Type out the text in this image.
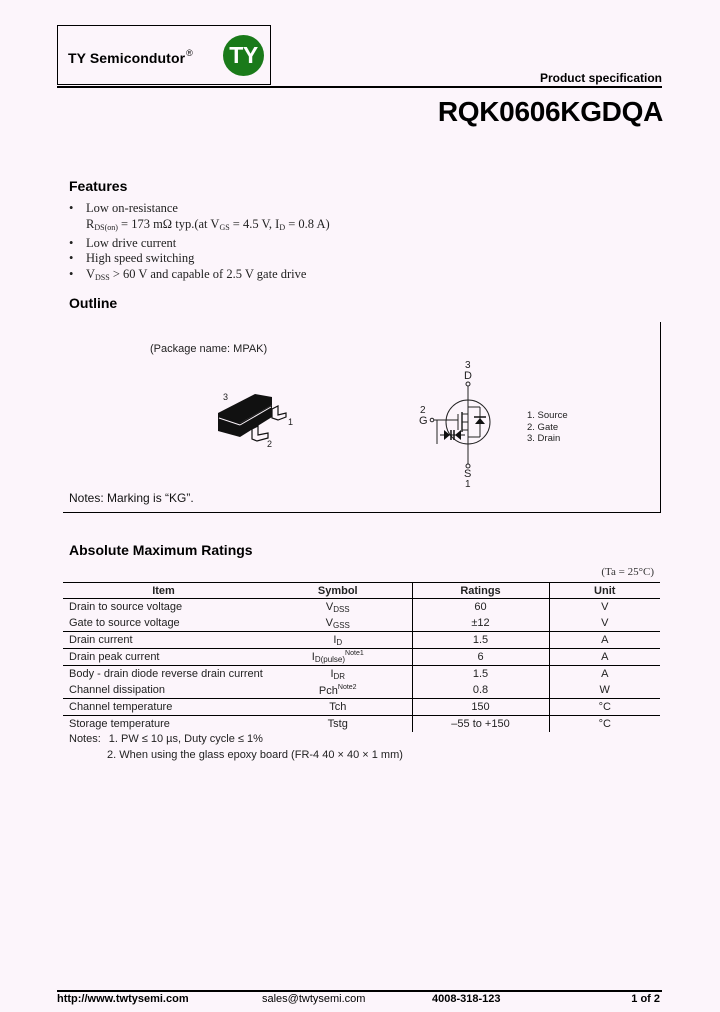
TY Semicondutor® TY
Product specification
RQK0606KGDQA
Features
• Low on-resistance
$R_{DS(on)} = 173$ mΩ typ.(at $V_{GS} = 4.5$ V, $I_D = 0.8$ A)
• Low drive current
• High speed switching
• $V_{DSS} > 60$ V and capable of 2.5 V gate drive
Outline
(Package name: MPAK)
3
1
2
3
D
2
G
S
1
1. Source
2. Gate
3. Drain
Notes: Marking is “KG”.
Absolute Maximum Ratings
(Ta = 25°C)
Item	Symbol	Ratings	Unit
Drain to source voltage	$V_{DSS}$	60	V
Gate to source voltage	$V_{GSS}$	±12	V
Drain current	$I_D$	1.5	A
Drain peak current	$I_{D(pulse)}^{Note1}$	6	A
Body - drain diode reverse drain current	$I_{DR}$	1.5	A
Channel dissipation	Pch$^{Note2}$	0.8	W
Channel temperature	Tch	150	°C
Storage temperature	Tstg	–55 to +150	°C
Notes: 1. PW ≤ 10 µs, Duty cycle ≤ 1%
2. When using the glass epoxy board (FR-4 40 × 40 × 1 mm)
http://www.twtysemi.com	sales@twtysemi.com	4008-318-123	1 of 2
